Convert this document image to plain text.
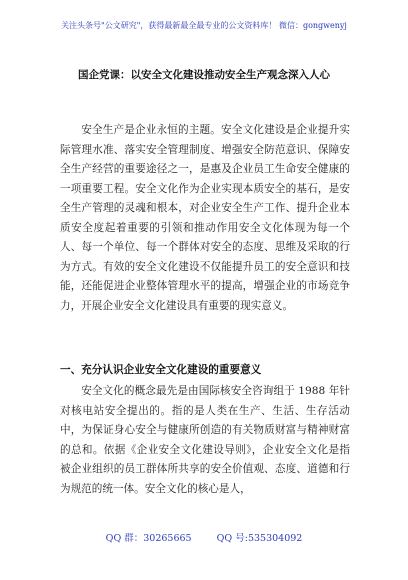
关注头条号"公文研究"，获得最新最全最专业的公文资料库！ 微信：gongwenyj
国企党课：以安全文化建设推动安全生产观念深入人心

安全生产是企业永恒的主题。安全文化建设是企业提升实际管理水准、落实安全管理制度、增强安全防范意识、保障安全生产经营的重要途径之一，是惠及企业员工生命安全健康的一项重要工程。安全文化作为企业实现本质安全的基石，是安全生产管理的灵魂和根本，对企业安全生产工作、提升企业本质安全度起着重要的引领和推动作用安全文化体现为每一个人、每一个单位、每一个群体对安全的态度、思维及采取的行为方式。有效的安全文化建设不仅能提升员工的安全意识和技能，还能促进企业整体管理水平的提高，增强企业的市场竞争力，开展企业安全文化建设具有重要的现实意义。

一、充分认识企业安全文化建设的重要意义

安全文化的概念最先是由国际核安全咨询组于 1988 年针对核电站安全提出的。指的是人类在生产、生活、生存活动中，为保证身心安全与健康所创造的有关物质财富与精神财富的总和。依据《企业安全文化建设导则》，企业安全文化是指被企业组织的员工群体所共享的安全价值观、态度、道德和行为规范的统一体。安全文化的核心是人，

QQ 群：30265665	QQ 号:535304092
